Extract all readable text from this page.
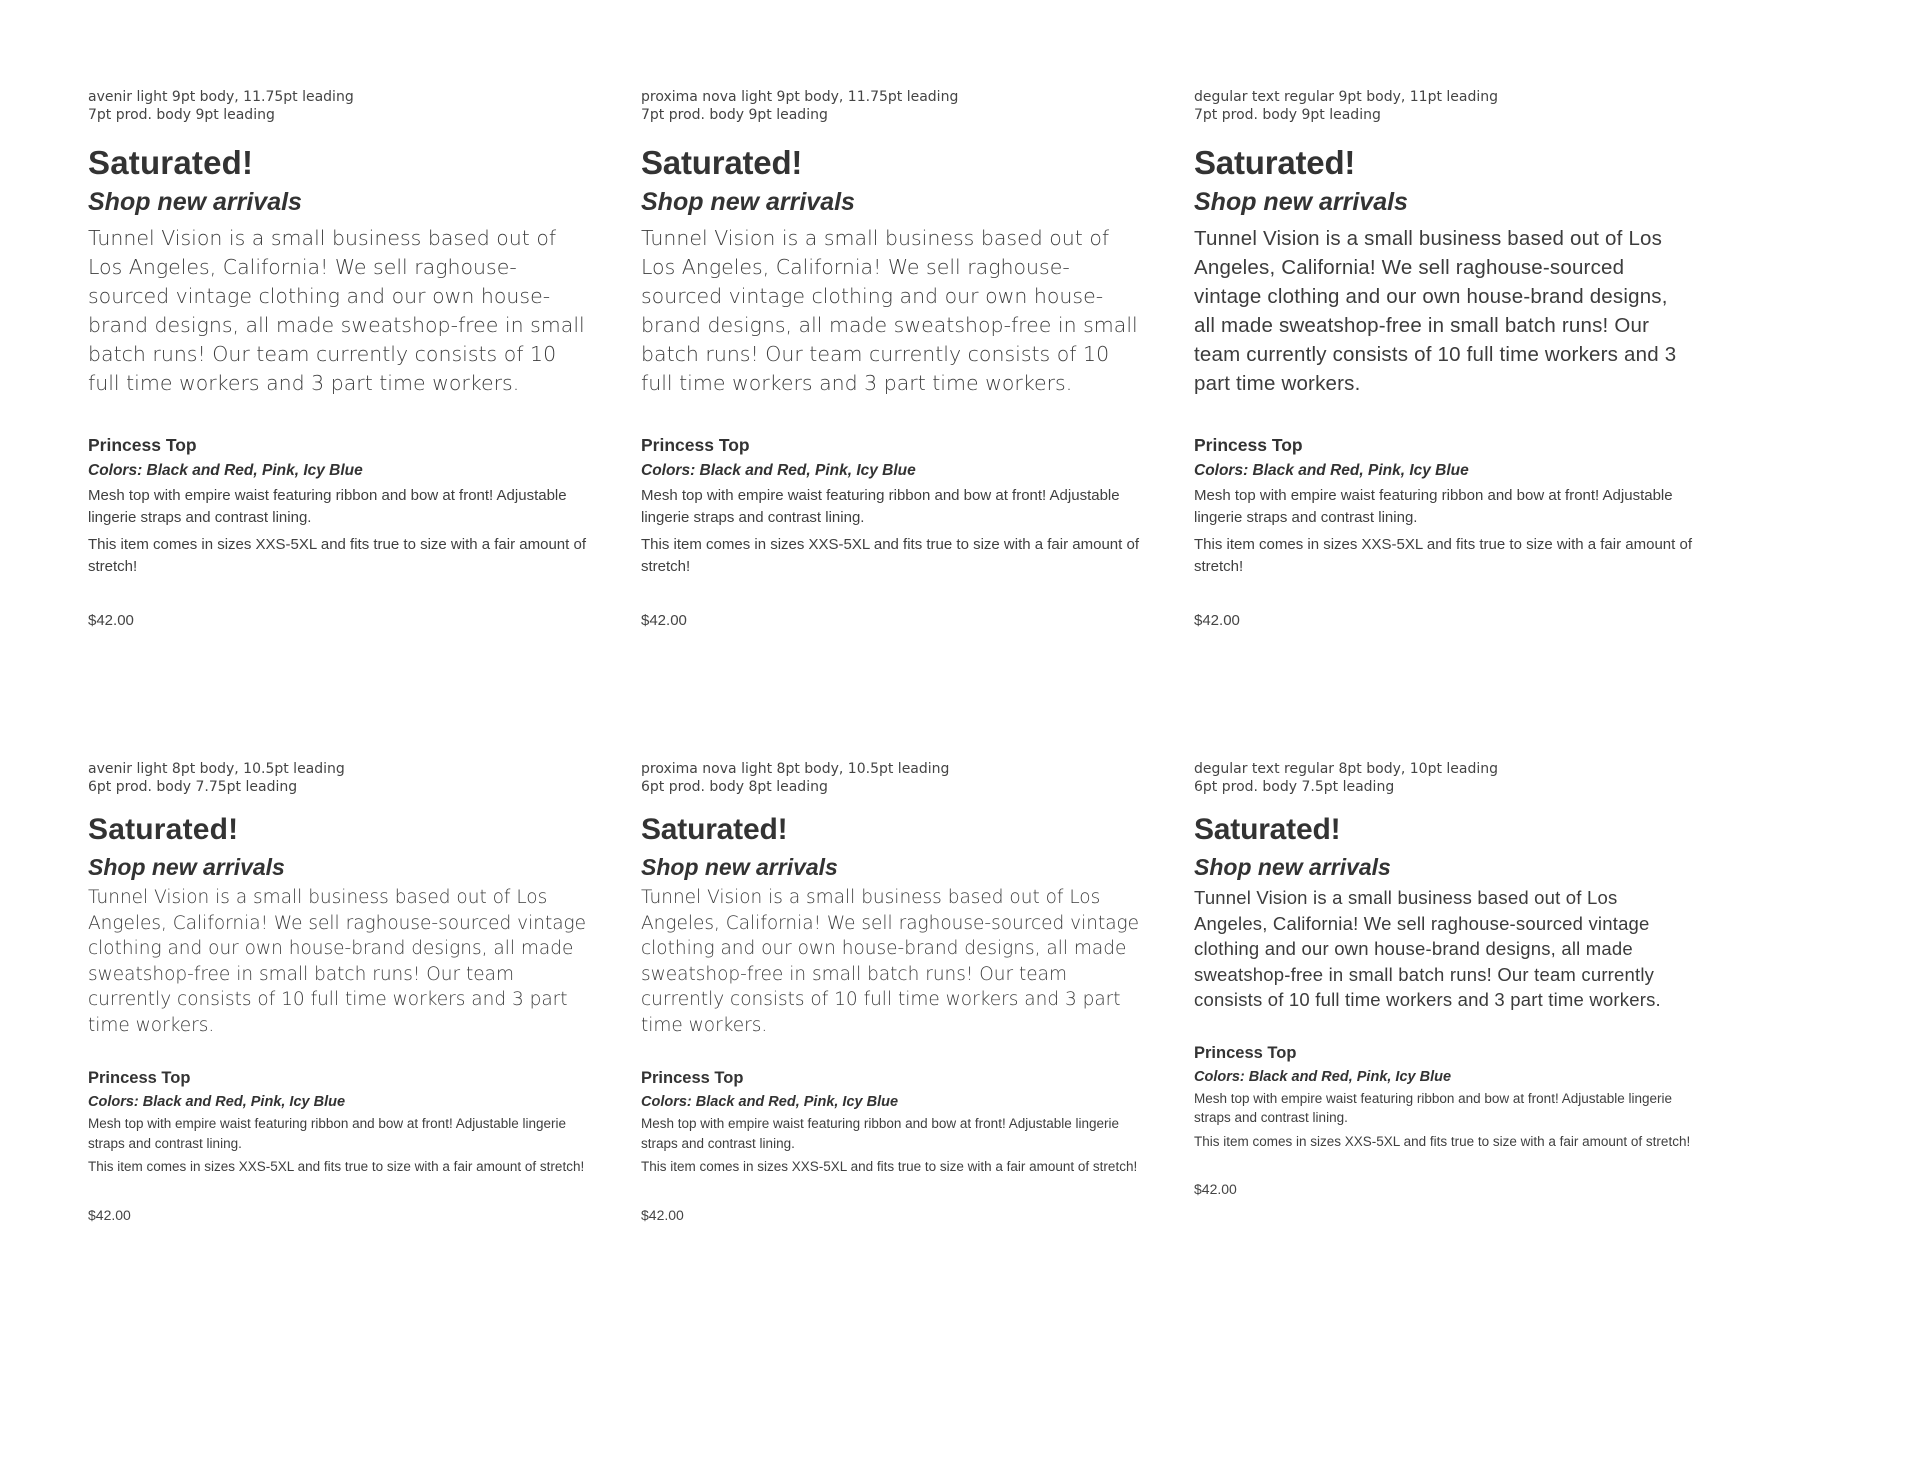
avenir light 9pt body, 11.75pt leading
7pt prod. body 9pt leading
Saturated!
Shop new arrivals

Tunnel Vision is a small business based out of Los Angeles, California! We sell raghouse-sourced vintage clothing and our own house-brand designs, all made sweatshop-free in small batch runs! Our team currently consists of 10 full time workers and 3 part time workers.

Princess Top
Colors: Black and Red, Pink, Icy Blue
Mesh top with empire waist featuring ribbon and bow at front! Adjustable lingerie straps and contrast lining.
This item comes in sizes XXS-5XL and fits true to size with a fair amount of stretch!
$42.00
proxima nova light 9pt body, 11.75pt leading
7pt prod. body 9pt leading
Saturated!
Shop new arrivals

Tunnel Vision is a small business based out of Los Angeles, California! We sell raghouse-sourced vintage clothing and our own house-brand designs, all made sweatshop-free in small batch runs! Our team currently consists of 10 full time workers and 3 part time workers.

Princess Top
Colors: Black and Red, Pink, Icy Blue
Mesh top with empire waist featuring ribbon and bow at front! Adjustable lingerie straps and contrast lining.
This item comes in sizes XXS-5XL and fits true to size with a fair amount of stretch!
$42.00
degular text regular 9pt body, 11pt leading
7pt prod. body 9pt leading
Saturated!
Shop new arrivals

Tunnel Vision is a small business based out of Los Angeles, California! We sell raghouse-sourced vintage clothing and our own house-brand designs, all made sweatshop-free in small batch runs! Our team currently consists of 10 full time workers and 3 part time workers.

Princess Top
Colors: Black and Red, Pink, Icy Blue
Mesh top with empire waist featuring ribbon and bow at front! Adjustable lingerie straps and contrast lining.
This item comes in sizes XXS-5XL and fits true to size with a fair amount of stretch!
$42.00
avenir light 8pt body, 10.5pt leading
6pt prod. body 7.75pt leading
Saturated!
Shop new arrivals

Tunnel Vision is a small business based out of Los Angeles, California! We sell raghouse-sourced vintage clothing and our own house-brand designs, all made sweatshop-free in small batch runs! Our team currently consists of 10 full time workers and 3 part time workers.

Princess Top
Colors: Black and Red, Pink, Icy Blue
Mesh top with empire waist featuring ribbon and bow at front! Adjustable lingerie straps and contrast lining.
This item comes in sizes XXS-5XL and fits true to size with a fair amount of stretch!
$42.00
proxima nova light 8pt body, 10.5pt leading
6pt prod. body 8pt leading
Saturated!
Shop new arrivals

Tunnel Vision is a small business based out of Los Angeles, California! We sell raghouse-sourced vintage clothing and our own house-brand designs, all made sweatshop-free in small batch runs! Our team currently consists of 10 full time workers and 3 part time workers.

Princess Top
Colors: Black and Red, Pink, Icy Blue
Mesh top with empire waist featuring ribbon and bow at front! Adjustable lingerie straps and contrast lining.
This item comes in sizes XXS-5XL and fits true to size with a fair amount of stretch!
$42.00
degular text regular 8pt body, 10pt leading
6pt prod. body 7.5pt leading
Saturated!
Shop new arrivals

Tunnel Vision is a small business based out of Los Angeles, California! We sell raghouse-sourced vintage clothing and our own house-brand designs, all made sweatshop-free in small batch runs! Our team currently consists of 10 full time workers and 3 part time workers.

Princess Top
Colors: Black and Red, Pink, Icy Blue
Mesh top with empire waist featuring ribbon and bow at front! Adjustable lingerie straps and contrast lining.
This item comes in sizes XXS-5XL and fits true to size with a fair amount of stretch!
$42.00
